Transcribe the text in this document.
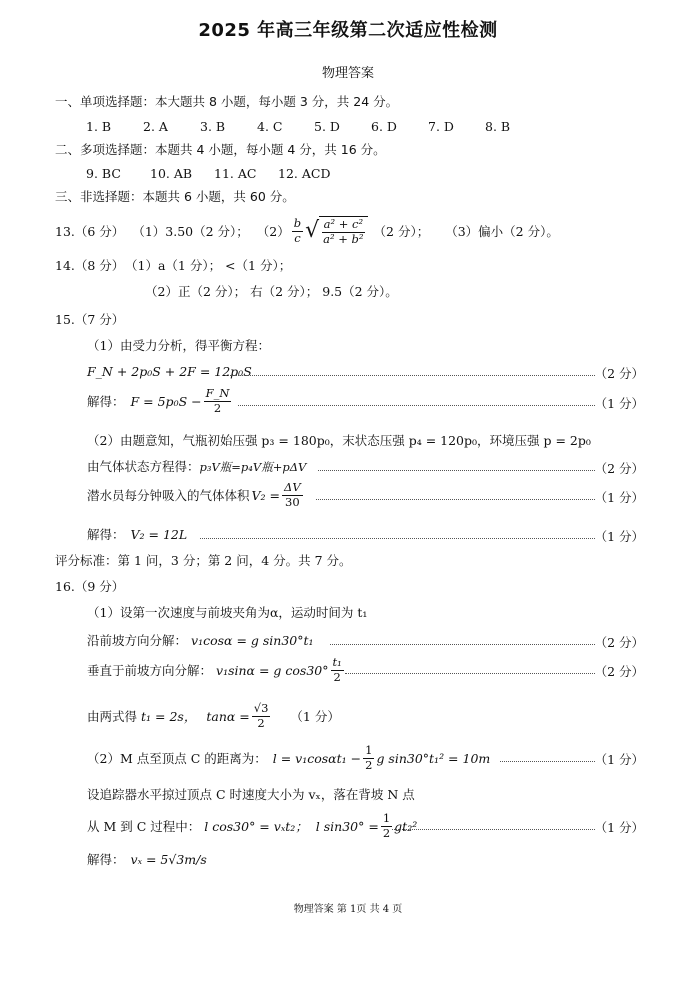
2025 年高三年级第二次适应性检测
物理答案
一、单项选择题：本大题共 8 小题，每小题 3 分，共 24 分。
1. B	2. A	3. B	4. C	5. D 6. D 7. D 8. B
二、多项选择题：本题共 4 小题，每小题 4 分，共 16 分。
9. BC 10. AB 11. AC 12. ACD
三、非选择题：本题共 6 小题，共 60 分。
13.（6 分） （1）3.50（2 分）； $(2) \frac{b}{c}$ √ $\frac{\text{a² + c²}}{\text{a² + b²}} (2$ 分）； （3）偏小（2 分）。
14.（8 分） （1）a（1 分）； <（1 分）；
（2）正（2 分）； 右（2 分）； 9.5（2 分）。
15.（7 分）
（1）由受力分析，得平衡方程：
F_N + 2p₀S + 2F = 12p₀S	（2 分）
解得： $F = 5p_0S - \frac{F\_N}{2}$	（1 分）
（2）由题意知，气瓶初始压强 p₃ = 180p₀，末状态压强 p₄ = 120p₀，环境压强 p = 2p₀
由气体状态方程得：p₃V瓶=p₄V瓶+pΔV	（2 分）
潜水员每分钟吸入的气体体积 $V_2 = \frac{\Delta V}{30}$	（1 分）
解得： V₂ = 12L	（1 分）
评分标准：第 1 问，3 分；第 2 问，4 分。共 7 分。
16.（9 分）
（1）设第一次速度与前坡夹角为α，运动时间为 t₁
沿前坡方向分解： v₁cosα = g sin30°t₁	（2 分）
垂直于前坡方向分解： v₁sinα = g $\cos 30^\circ \frac{\text{t₁}}{2}$	（2 分）
由两式得 t₁ = 2s， $\tan\alpha = \frac{√3}{2} (1$ 分）
（2）M 点至顶点 C 的距离为： $l = v_1\cos\alpha t_1 - \frac{1}{2}$ g sin30°t₁² = 10m	（1 分）
设追踪器水平掠过顶点 C 时速度大小为 vₓ，落在背坡 N 点
从 M 到 C 过程中： l cos30° = vₓt₂； l $\sin 30^\circ = \frac{1}{2} gt_2^2$	（1 分）
解得： vₓ = 5√3m/s
物理答案 第 1页 共 4 页
